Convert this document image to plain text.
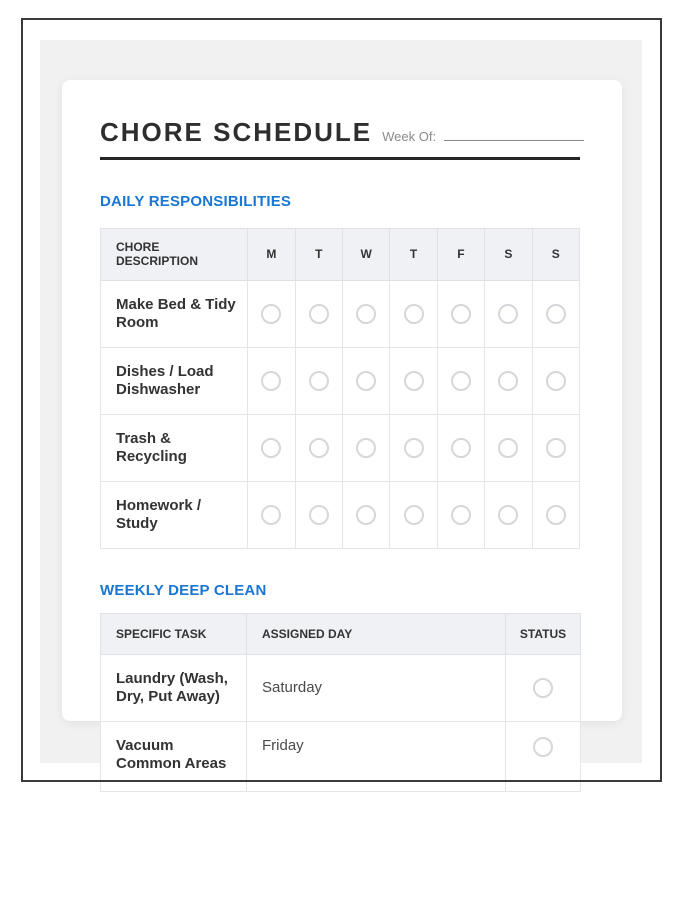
CHORE SCHEDULE Week Of:
DAILY RESPONSIBILITIES
CHORE DESCRIPTION	M	T	W	T	F	S	S
Make Bed & Tidy Room							
Dishes / Load Dishwasher							
Trash & Recycling							
Homework / Study							
WEEKLY DEEP CLEAN
SPECIFIC TASK	ASSIGNED DAY	STATUS
Laundry (Wash, Dry, Put Away)	Saturday	
Vacuum Common Areas	Friday	
